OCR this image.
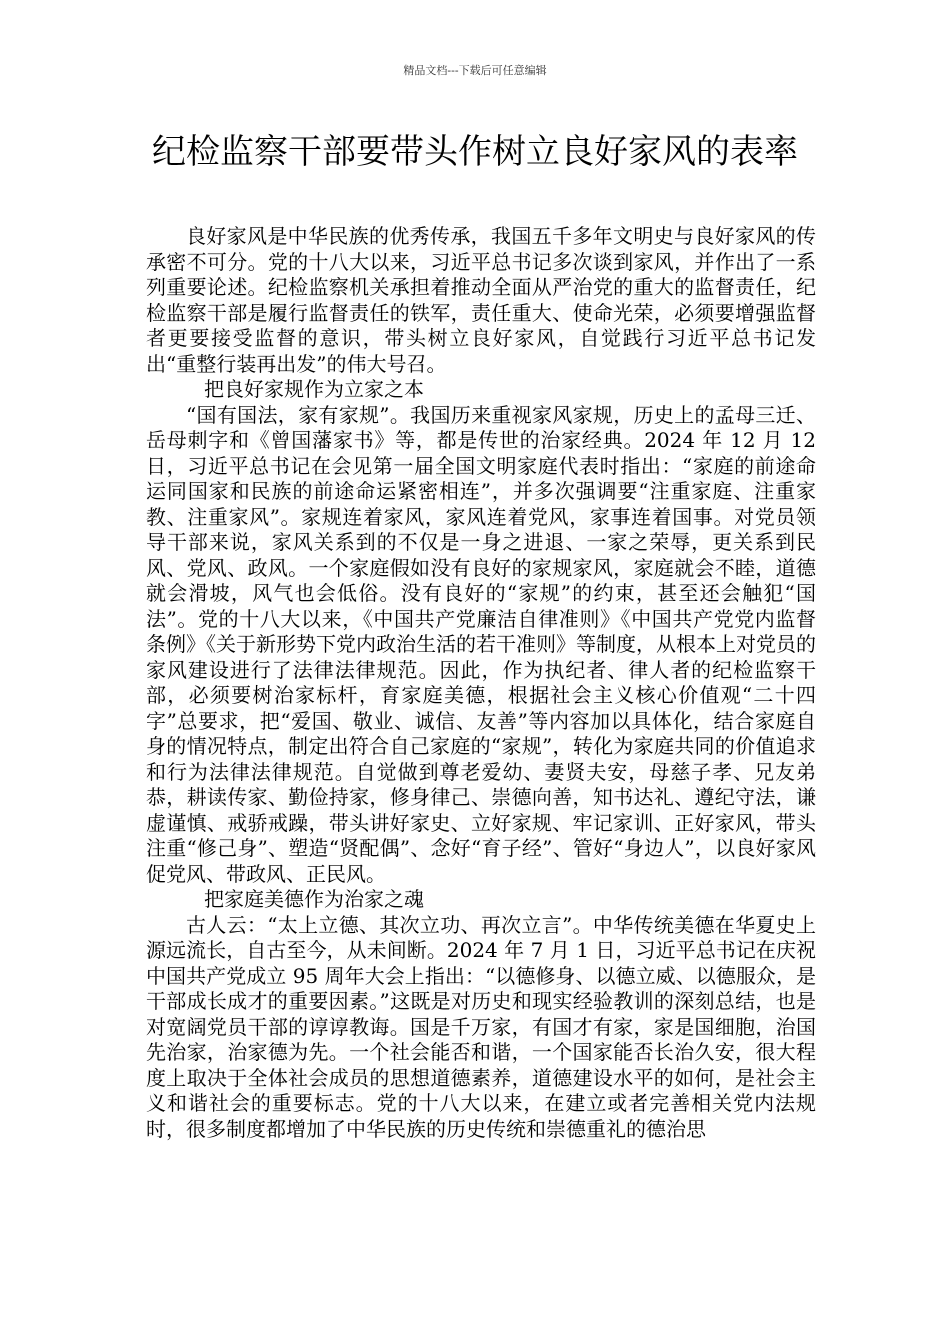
精品文档---下载后可任意编辑
纪检监察干部要带头作树立良好家风的表率

良好家风是中华民族的优秀传承，我国五千多年文明史与良好家风的传承密不可分。党的十八大以来，习近平总书记多次谈到家风，并作出了一系列重要论述。纪检监察机关承担着推动全面从严治党的重大的监督责任，纪检监察干部是履行监督责任的铁军，责任重大、使命光荣，必须要增强监督者更要接受监督的意识，带头树立良好家风，自觉践行习近平总书记发出“重整行装再出发”的伟大号召。

把良好家规作为立家之本

“国有国法，家有家规”。我国历来重视家风家规，历史上的孟母三迁、岳母刺字和《曾国藩家书》等，都是传世的治家经典。2024 年 12 月 12 日，习近平总书记在会见第一届全国文明家庭代表时指出：“家庭的前途命运同国家和民族的前途命运紧密相连”，并多次强调要“注重家庭、注重家教、注重家风”。家规连着家风，家风连着党风，家事连着国事。对党员领导干部来说，家风关系到的不仅是一身之进退、一家之荣辱，更关系到民风、党风、政风。一个家庭假如没有良好的家规家风，家庭就会不睦，道德就会滑坡，风气也会低俗。没有良好的“家规”的约束，甚至还会触犯“国法”。党的十八大以来，《中国共产党廉洁自律准则》《中国共产党党内监督条例》《关于新形势下党内政治生活的若干准则》等制度，从根本上对党员的家风建设进行了法律法律规范。因此，作为执纪者、律人者的纪检监察干部，必须要树治家标杆，育家庭美德，根据社会主义核心价值观“二十四字”总要求，把“爱国、敬业、诚信、友善”等内容加以具体化，结合家庭自身的情况特点，制定出符合自己家庭的“家规”，转化为家庭共同的价值追求和行为法律法律规范。自觉做到尊老爱幼、妻贤夫安，母慈子孝、兄友弟恭，耕读传家、勤俭持家，修身律己、崇德向善，知书达礼、遵纪守法，谦虚谨慎、戒骄戒躁，带头讲好家史、立好家规、牢记家训、正好家风，带头注重“修己身”、塑造“贤配偶”、念好“育子经”、管好“身边人”，以良好家风促党风、带政风、正民风。

把家庭美德作为治家之魂

古人云：“太上立德、其次立功、再次立言”。中华传统美德在华夏史上源远流长，自古至今，从未间断。2024 年 7 月 1 日，习近平总书记在庆祝中国共产党成立 95 周年大会上指出：“以德修身、以德立威、以德服众，是干部成长成才的重要因素。”这既是对历史和现实经验教训的深刻总结，也是对宽阔党员干部的谆谆教诲。国是千万家，有国才有家，家是国细胞，治国先治家，治家德为先。一个社会能否和谐，一个国家能否长治久安，很大程度上取决于全体社会成员的思想道德素养，道德建设水平的如何，是社会主义和谐社会的重要标志。党的十八大以来，在建立或者完善相关党内法规时，很多制度都增加了中华民族的历史传统和崇德重礼的德治思
